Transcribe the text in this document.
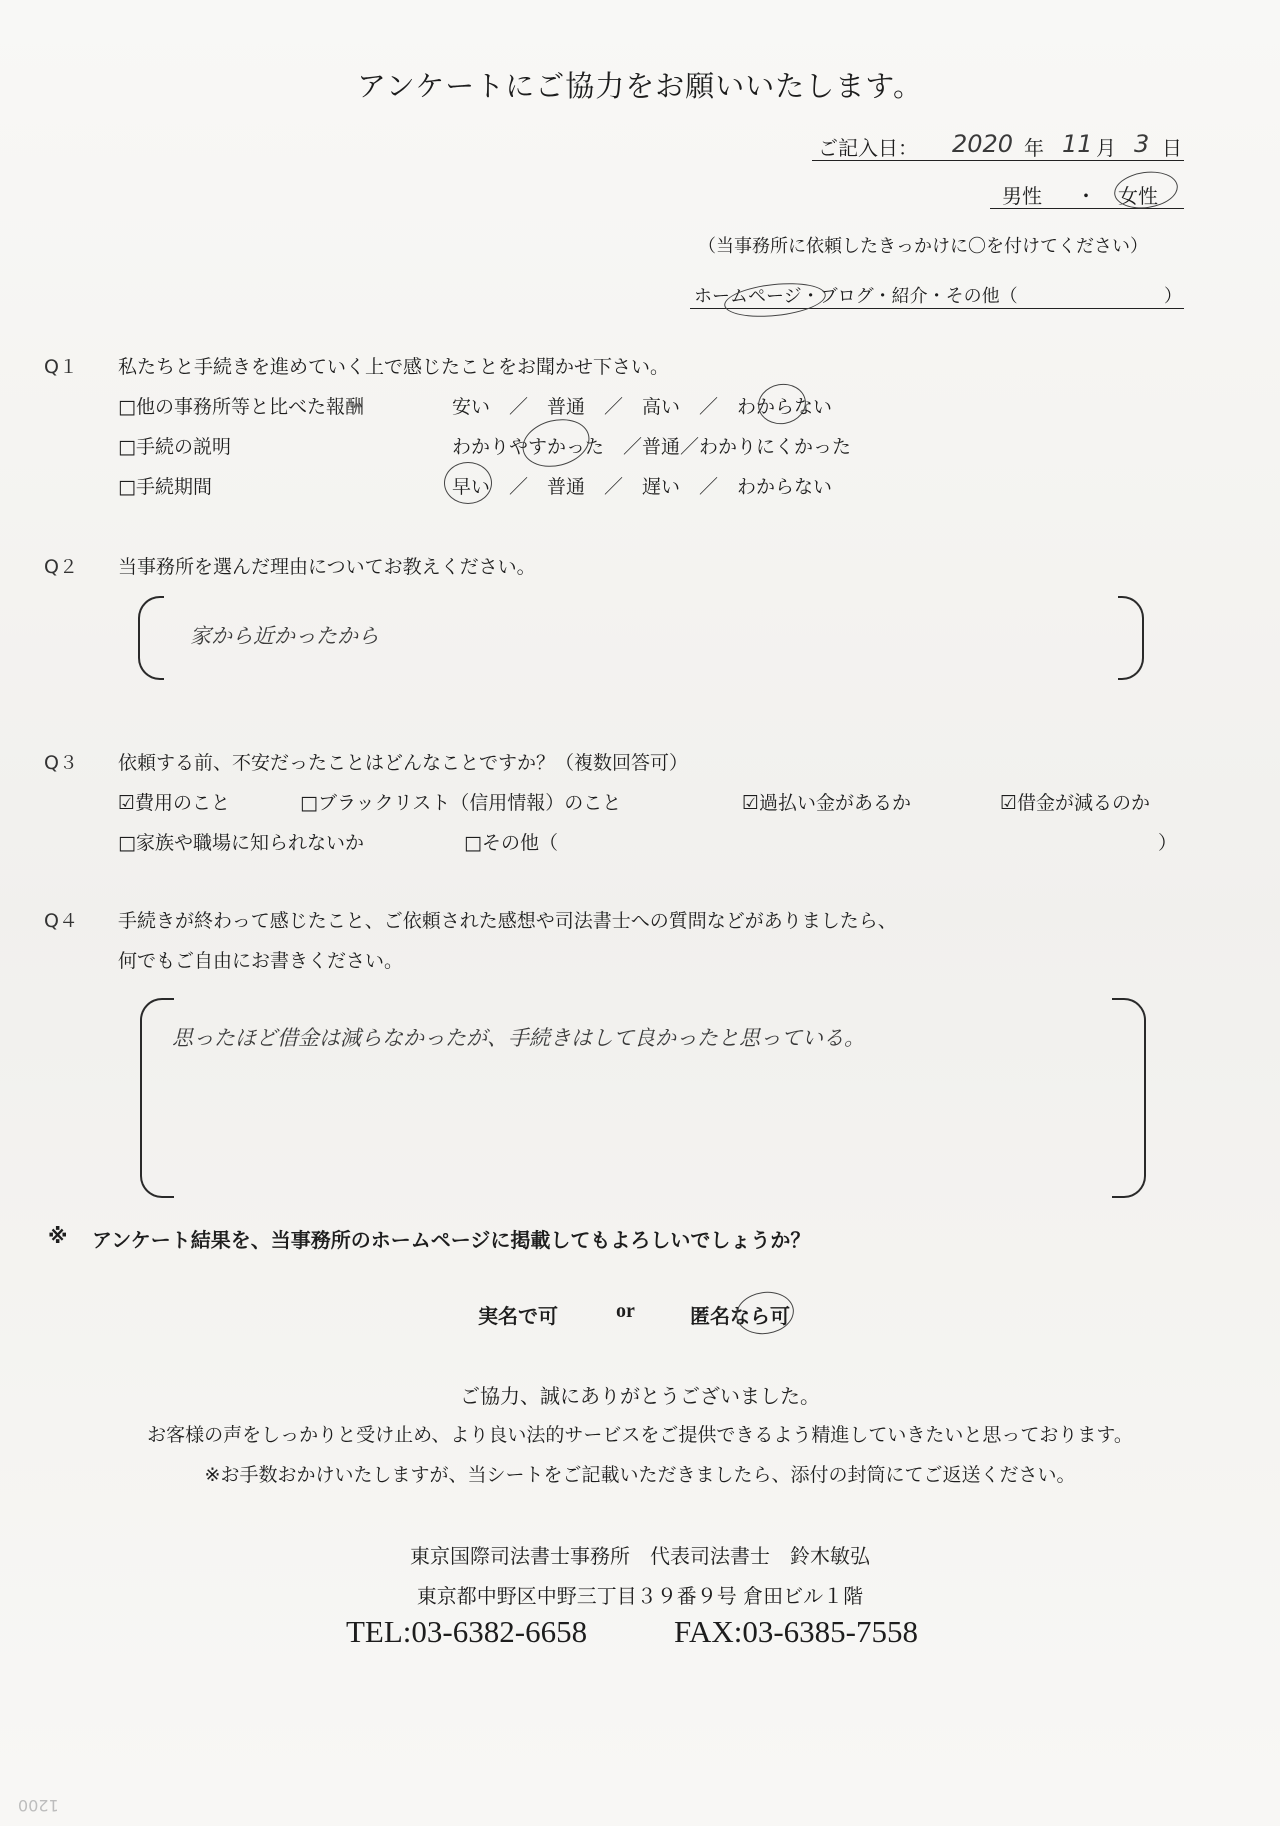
アンケートにご協力をお願いいたします。
ご記入日： 2020 年 11 月 3 日
男性 ・ 女性
（当事務所に依頼したきっかけに〇を付けてください）
ホームページ・ブログ・紹介・その他（	）
Q１ 私たちと手続きを進めていく上で感じたことをお聞かせ下さい。
□他の事務所等と比べた報酬	安い　／　普通　／　高い　／　わからない
□手続の説明	わかりやすかった　／普通／わかりにくかった
□手続期間	早い　／　普通　／　遅い　／　わからない
Q２ 当事務所を選んだ理由についてお教えください。
家から近かったから
Q３ 依頼する前、不安だったことはどんなことですか？（複数回答可）
☑費用のこと	□ブラックリスト（信用情報）のこと	☑過払い金があるか	☑借金が減るのか
□家族や職場に知られないか	□その他（	）
Q４ 手続きが終わって感じたこと、ご依頼された感想や司法書士への質問などがありましたら、
何でもご自由にお書きください。
思ったほど借金は減らなかったが、手続きはして良かったと思っている。
※ アンケート結果を、当事務所のホームページに掲載してもよろしいでしょうか？
実名で可	or	匿名なら可
ご協力、誠にありがとうございました。
お客様の声をしっかりと受け止め、より良い法的サービスをご提供できるよう精進していきたいと思っております。
※お手数おかけいたしますが、当シートをご記載いただきましたら、添付の封筒にてご返送ください。
東京国際司法書士事務所　代表司法書士　鈴木敏弘
東京都中野区中野三丁目３９番９号 倉田ビル１階
TEL:03-6382-6658	FAX:03-6385-7558
1200
